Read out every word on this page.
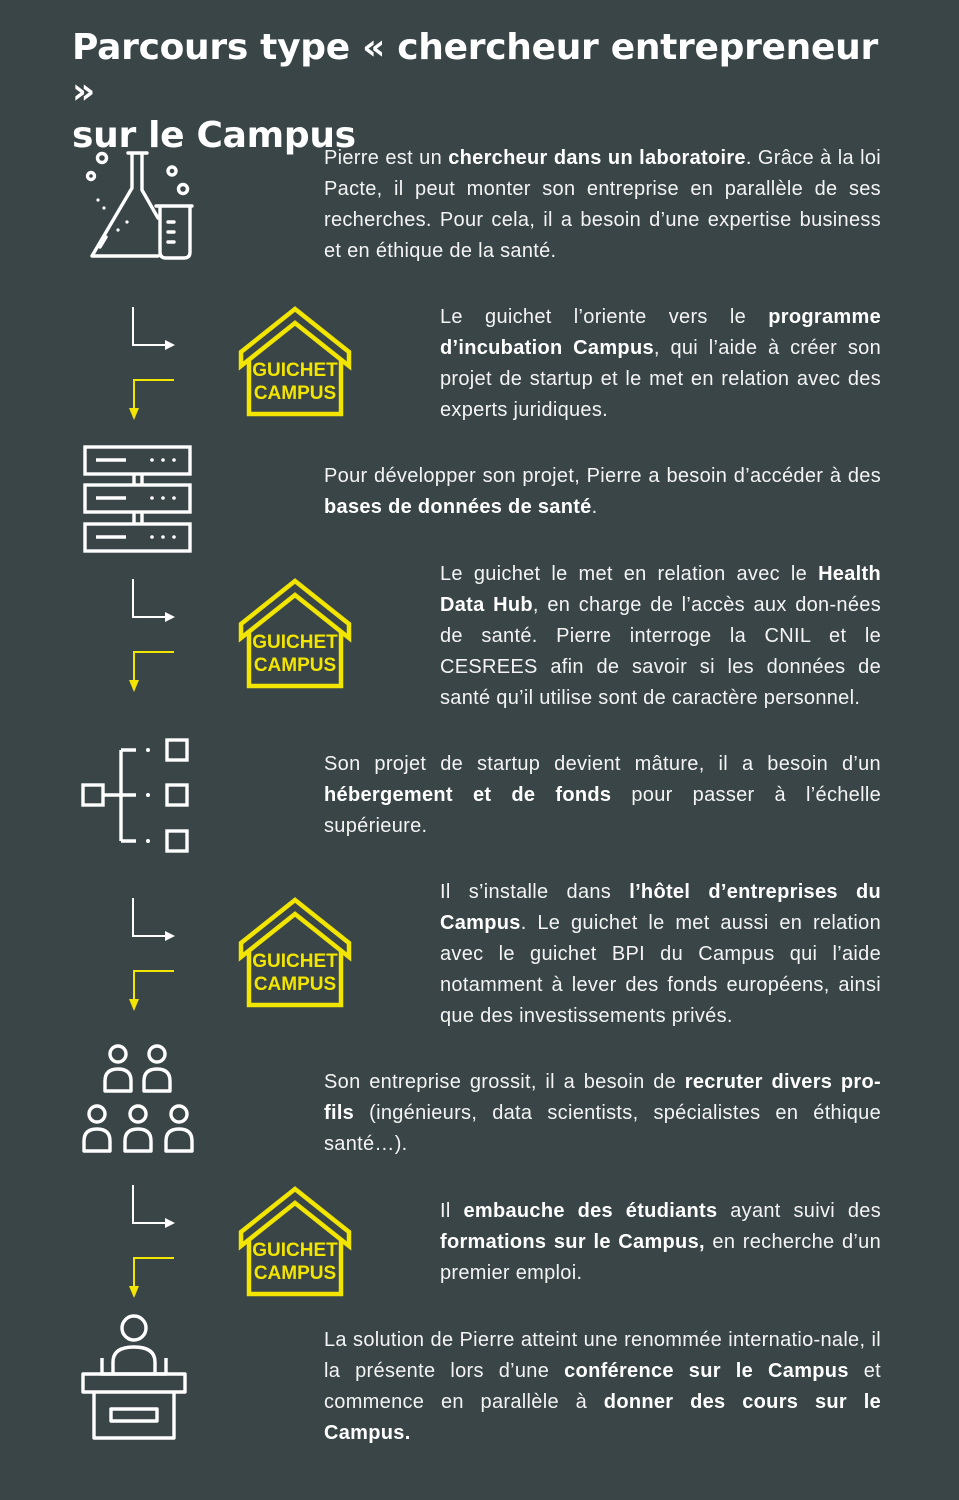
Parcours type « chercheur entrepreneur »
sur le Campus

Pierre est un chercheur dans un laboratoire. Grâce à la loi Pacte, il peut monter son entreprise en parallèle de ses recherches. Pour cela, il a besoin d’une expertise business et en éthique de la santé.

GUICHET
CAMPUS

Le guichet l’oriente vers le programme d’incubation Campus, qui l’aide à créer son projet de startup et le met en relation avec des experts juridiques.

Pour développer son projet, Pierre a besoin d’accéder à des bases de données de santé.

GUICHET
CAMPUS

Le guichet le met en relation avec le Health Data Hub, en charge de l’accès aux don-nées de santé. Pierre interroge la CNIL et le CESREES afin de savoir si les données de santé qu’il utilise sont de caractère personnel.

Son projet de startup devient mâture, il a besoin d’un hébergement et de fonds pour passer à l’échelle supérieure.

GUICHET
CAMPUS

Il s’installe dans l’hôtel d’entreprises du Campus. Le guichet le met aussi en relation avec le guichet BPI du Campus qui l’aide notamment à lever des fonds européens, ainsi que des investissements privés.

Son entreprise grossit, il a besoin de recruter divers pro-fils (ingénieurs, data scientists, spécialistes en éthique santé…).

GUICHET
CAMPUS

Il embauche des étudiants ayant suivi des formations sur le Campus, en recherche d’un premier emploi.

La solution de Pierre atteint une renommée internatio-nale, il la présente lors d’une conférence sur le Campus et commence en parallèle à donner des cours sur le Campus.
